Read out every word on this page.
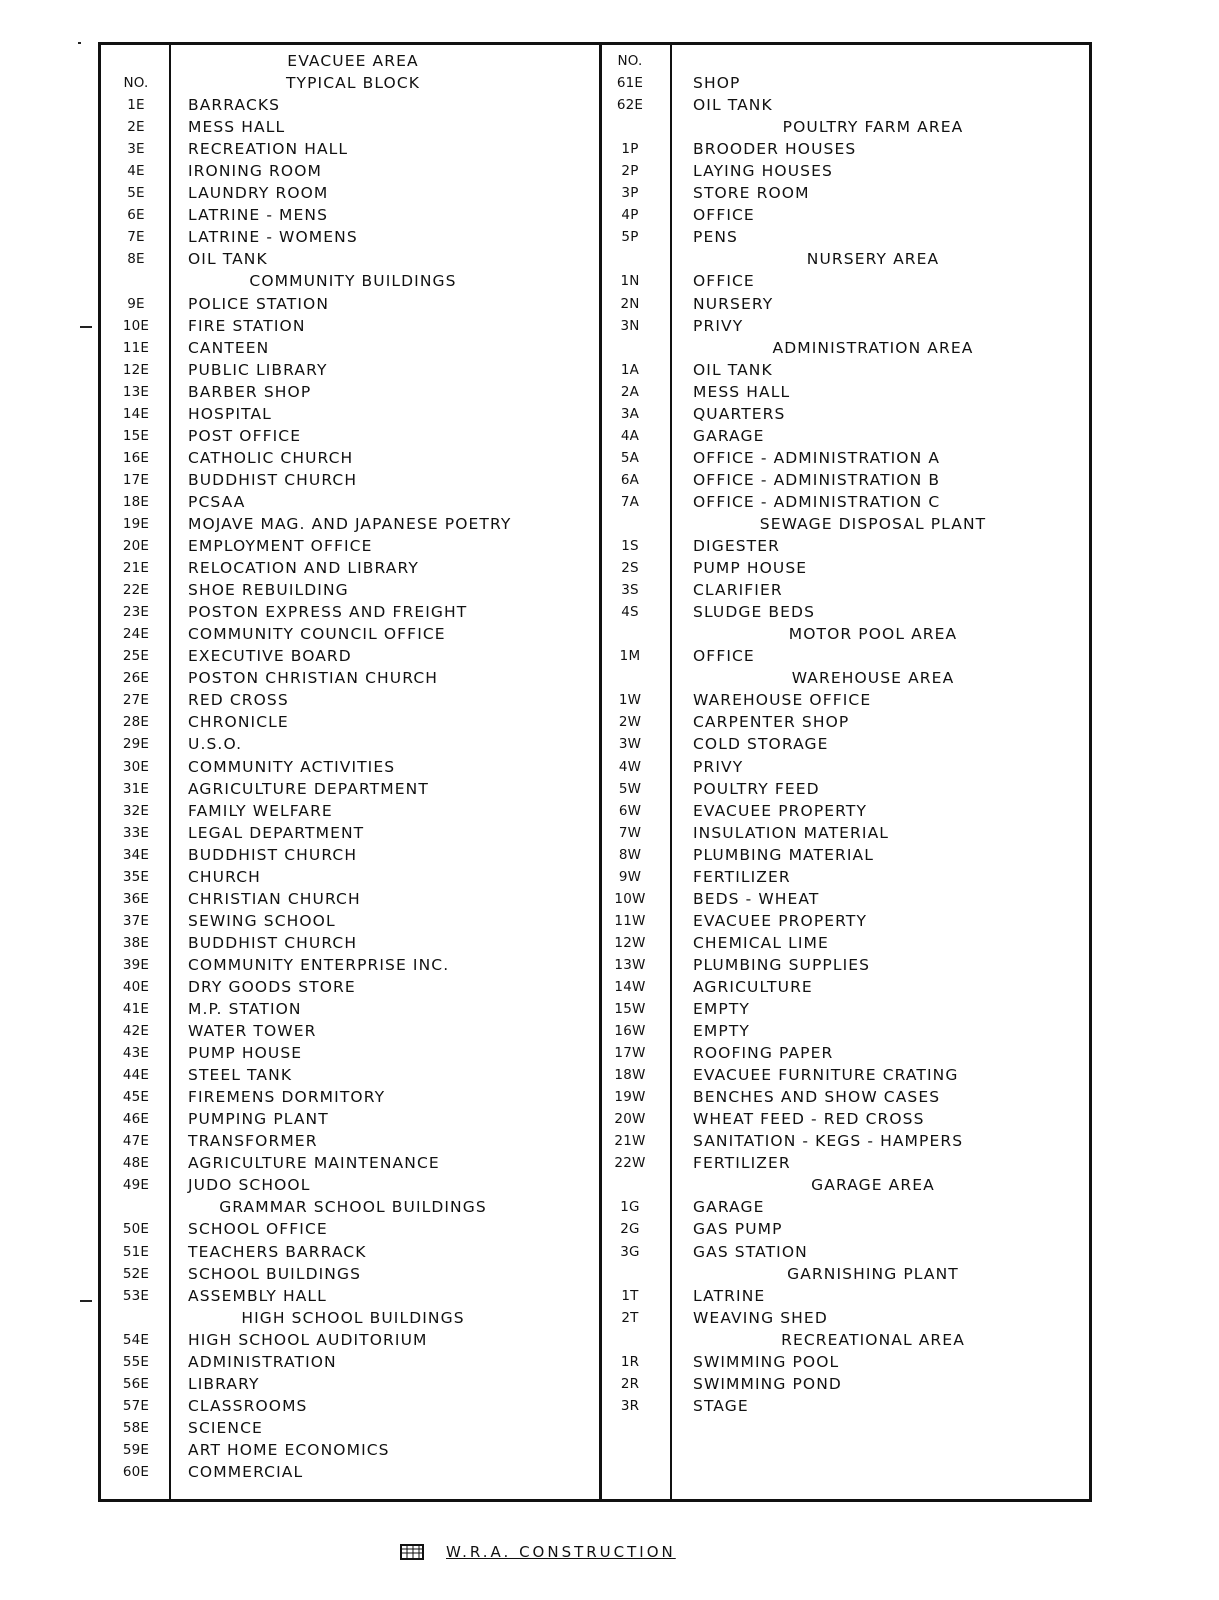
EVACUEE AREA
NO.	TYPICAL BLOCK
1E	BARRACKS
2E	MESS HALL
3E	RECREATION HALL
4E	IRONING ROOM
5E	LAUNDRY ROOM
6E	LATRINE - MENS
7E	LATRINE - WOMENS
8E	OIL TANK
COMMUNITY BUILDINGS
9E	POLICE STATION
10E	FIRE STATION
11E	CANTEEN
12E	PUBLIC LIBRARY
13E	BARBER SHOP
14E	HOSPITAL
15E	POST OFFICE
16E	CATHOLIC CHURCH
17E	BUDDHIST CHURCH
18E	PCSAA
19E	MOJAVE MAG. AND JAPANESE POETRY
20E	EMPLOYMENT OFFICE
21E	RELOCATION AND LIBRARY
22E	SHOE REBUILDING
23E	POSTON EXPRESS AND FREIGHT
24E	COMMUNITY COUNCIL OFFICE
25E	EXECUTIVE BOARD
26E	POSTON CHRISTIAN CHURCH
27E	RED CROSS
28E	CHRONICLE
29E	U.S.O.
30E	COMMUNITY ACTIVITIES
31E	AGRICULTURE DEPARTMENT
32E	FAMILY WELFARE
33E	LEGAL DEPARTMENT
34E	BUDDHIST CHURCH
35E	CHURCH
36E	CHRISTIAN CHURCH
37E	SEWING SCHOOL
38E	BUDDHIST CHURCH
39E	COMMUNITY ENTERPRISE INC.
40E	DRY GOODS STORE
41E	M.P. STATION
42E	WATER TOWER
43E	PUMP HOUSE
44E	STEEL TANK
45E	FIREMENS DORMITORY
46E	PUMPING PLANT
47E	TRANSFORMER
48E	AGRICULTURE MAINTENANCE
49E	JUDO SCHOOL
GRAMMAR SCHOOL BUILDINGS
50E	SCHOOL OFFICE
51E	TEACHERS BARRACK
52E	SCHOOL BUILDINGS
53E	ASSEMBLY HALL
HIGH SCHOOL BUILDINGS
54E	HIGH SCHOOL AUDITORIUM
55E	ADMINISTRATION
56E	LIBRARY
57E	CLASSROOMS
58E	SCIENCE
59E	ART HOME ECONOMICS
60E	COMMERCIAL
NO.
61E	SHOP
62E	OIL TANK
POULTRY FARM AREA
1P	BROODER HOUSES
2P	LAYING HOUSES
3P	STORE ROOM
4P	OFFICE
5P	PENS
NURSERY AREA
1N	OFFICE
2N	NURSERY
3N	PRIVY
ADMINISTRATION AREA
1A	OIL TANK
2A	MESS HALL
3A	QUARTERS
4A	GARAGE
5A	OFFICE - ADMINISTRATION A
6A	OFFICE - ADMINISTRATION B
7A	OFFICE - ADMINISTRATION C
SEWAGE DISPOSAL PLANT
1S	DIGESTER
2S	PUMP HOUSE
3S	CLARIFIER
4S	SLUDGE BEDS
MOTOR POOL AREA
1M	OFFICE
WAREHOUSE AREA
1W	WAREHOUSE OFFICE
2W	CARPENTER SHOP
3W	COLD STORAGE
4W	PRIVY
5W	POULTRY FEED
6W	EVACUEE PROPERTY
7W	INSULATION MATERIAL
8W	PLUMBING MATERIAL
9W	FERTILIZER
10W	BEDS - WHEAT
11W	EVACUEE PROPERTY
12W	CHEMICAL LIME
13W	PLUMBING SUPPLIES
14W	AGRICULTURE
15W	EMPTY
16W	EMPTY
17W	ROOFING PAPER
18W	EVACUEE FURNITURE CRATING
19W	BENCHES AND SHOW CASES
20W	WHEAT FEED - RED CROSS
21W	SANITATION - KEGS - HAMPERS
22W	FERTILIZER
GARAGE AREA
1G	GARAGE
2G	GAS PUMP
3G	GAS STATION
GARNISHING PLANT
1T	LATRINE
2T	WEAVING SHED
RECREATIONAL AREA
1R	SWIMMING POOL
2R	SWIMMING POND
3R	STAGE
W.R.A. CONSTRUCTION
